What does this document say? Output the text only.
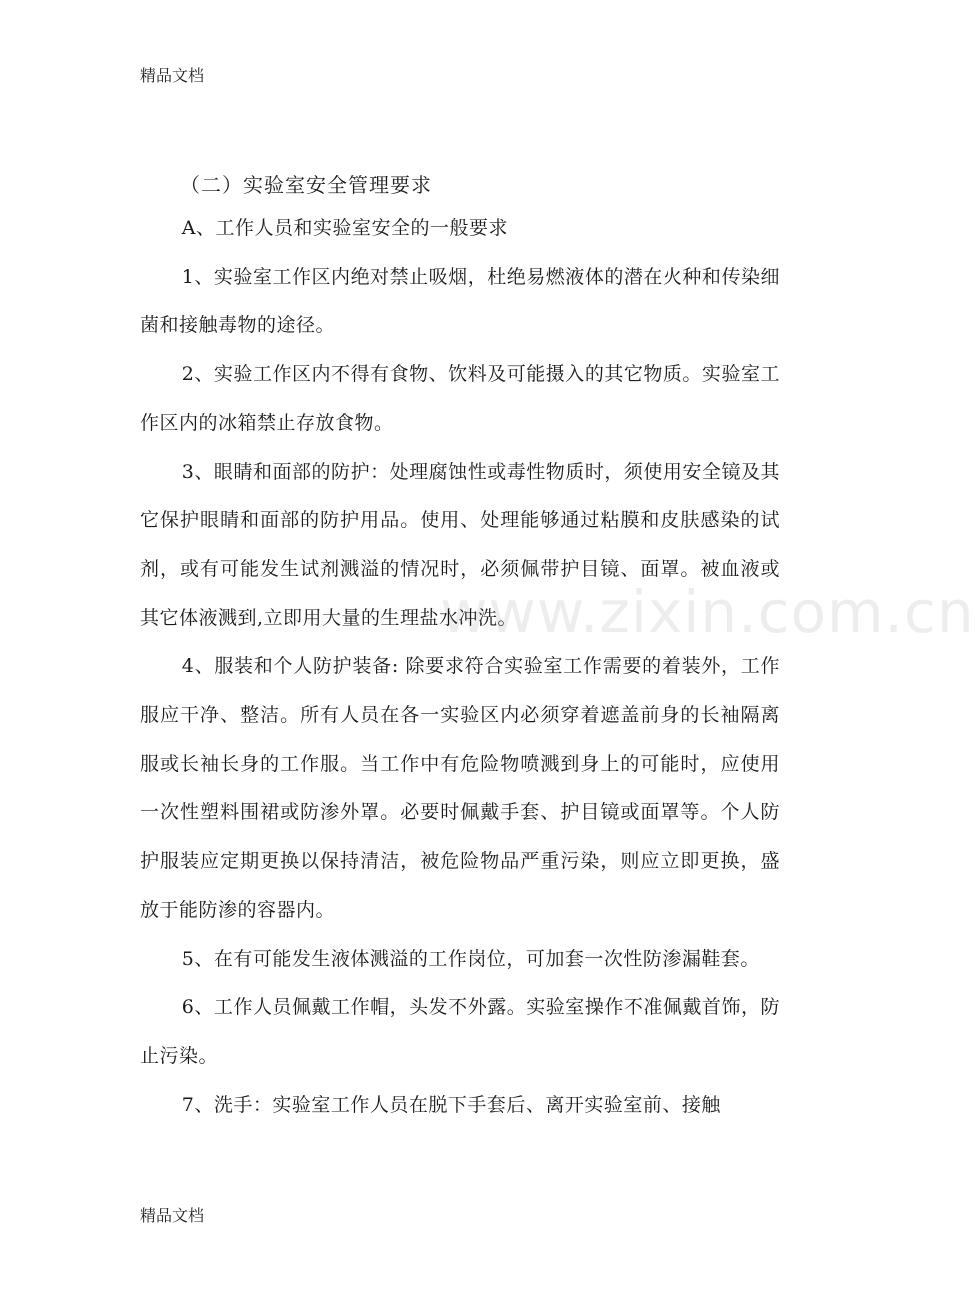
精品文档
www.zixin.com.cn
（二）实验室安全管理要求

A、工作人员和实验室安全的一般要求

1、实验室工作区内绝对禁止吸烟，杜绝易燃液体的潜在火种和传染细菌和接触毒物的途径。

2、实验工作区内不得有食物、饮料及可能摄入的其它物质。实验室工作区内的冰箱禁止存放食物。

3、眼睛和面部的防护：处理腐蚀性或毒性物质时，须使用安全镜及其它保护眼睛和面部的防护用品。使用、处理能够通过粘膜和皮肤感染的试剂，或有可能发生试剂溅溢的情况时，必须佩带护目镜、面罩。被血液或其它体液溅到,立即用大量的生理盐水冲洗。

4、服装和个人防护装备: 除要求符合实验室工作需要的着装外，工作服应干净、整洁。所有人员在各一实验区内必须穿着遮盖前身的长袖隔离服或长袖长身的工作服。当工作中有危险物喷溅到身上的可能时，应使用一次性塑料围裙或防渗外罩。必要时佩戴手套、护目镜或面罩等。个人防护服装应定期更换以保持清洁，被危险物品严重污染，则应立即更换，盛放于能防渗的容器内。

5、在有可能发生液体溅溢的工作岗位，可加套一次性防渗漏鞋套。

6、工作人员佩戴工作帽，头发不外露。实验室操作不准佩戴首饰，防止污染。

7、洗手：实验室工作人员在脱下手套后、离开实验室前、接触

精品文档
